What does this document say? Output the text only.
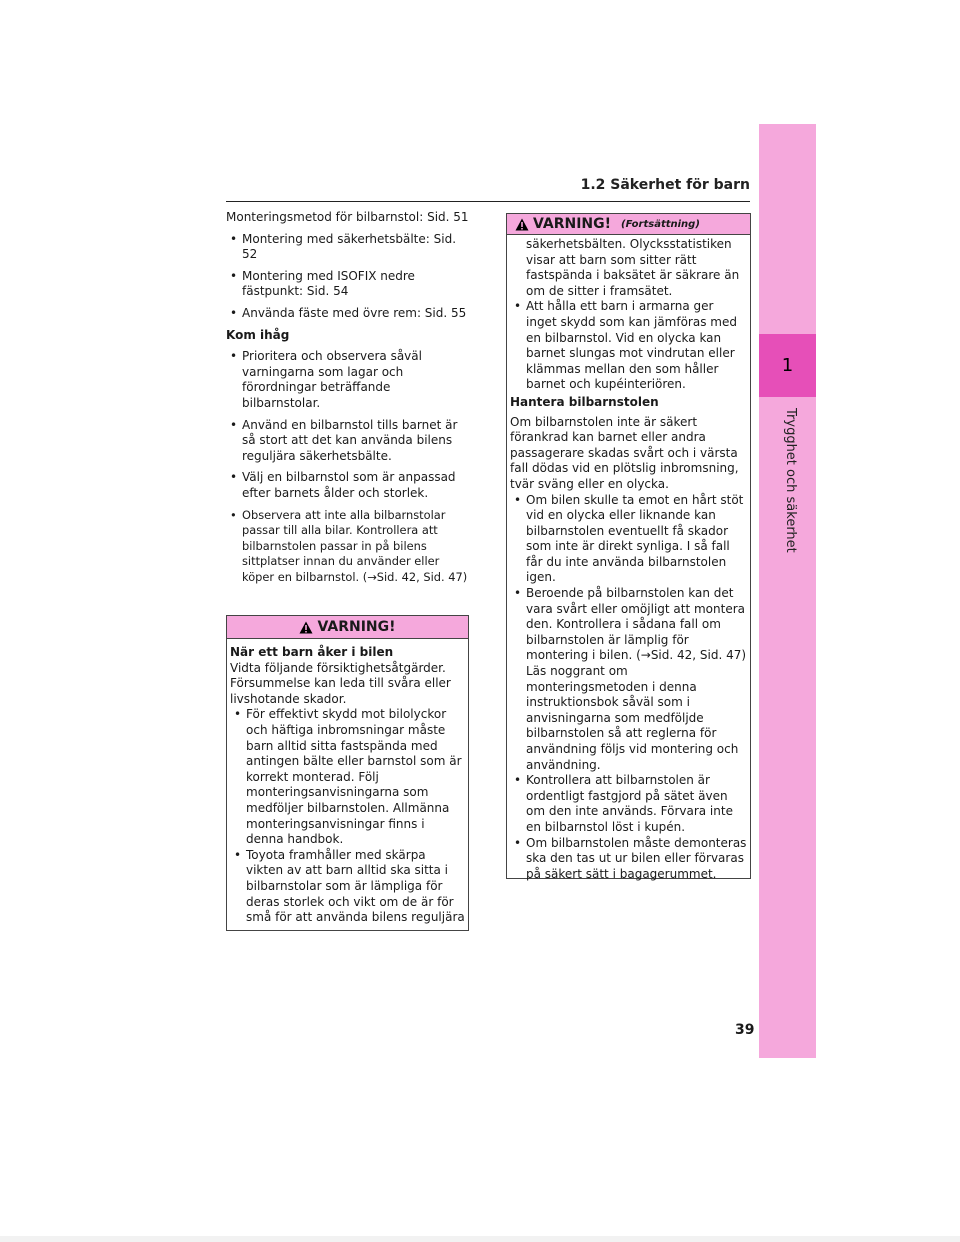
1
Trygghet och säkerhet
1.2 Säkerhet för barn

Monteringsmetod för bilbarnstol: Sid. 51

• Montering med säkerhetsbälte: Sid. 52

• Montering med ISOFIX nedre fästpunkt: Sid. 54

• Använda fäste med övre rem: Sid. 55

Kom ihåg

• Prioritera och observera såväl varningarna som lagar och förordningar beträffande bilbarnstolar.

• Använd en bilbarnstol tills barnet är så stort att det kan använda bilens reguljära säkerhetsbälte.

• Välj en bilbarnstol som är anpassad efter barnets ålder och storlek.

• Observera att inte alla bilbarnstolar passar till alla bilar. Kontrollera att bilbarnstolen passar in på bilens sittplatser innan du använder eller köper en bilbarnstol. (→Sid. 42, Sid. 47)

VARNING!

När ett barn åker i bilen

Vidta följande försiktighetsåtgärder. Försummelse kan leda till svåra eller livshotande skador.

• För effektivt skydd mot bilolyckor och häftiga inbromsningar måste barn alltid sitta fastspända med antingen bälte eller barnstol som är korrekt monterad. Följ monteringsanvisningarna som medföljer bilbarnstolen. Allmänna monteringsanvisningar finns i denna handbok.

• Toyota framhåller med skärpa vikten av att barn alltid ska sitta i bilbarnstolar som är lämpliga för deras storlek och vikt om de är för små för att använda bilens reguljära

VARNING! (Fortsättning)

säkerhetsbälten. Olycksstatistiken visar att barn som sitter rätt fastspända i baksätet är säkrare än om de sitter i framsätet.

• Att hålla ett barn i armarna ger inget skydd som kan jämföras med en bilbarnstol. Vid en olycka kan barnet slungas mot vindrutan eller klämmas mellan den som håller barnet och kupéinteriören.

Hantera bilbarnstolen

Om bilbarnstolen inte är säkert förankrad kan barnet eller andra passagerare skadas svårt och i värsta fall dödas vid en plötslig inbromsning, tvär sväng eller en olycka.

• Om bilen skulle ta emot en hårt stöt vid en olycka eller liknande kan bilbarnstolen eventuellt få skador som inte är direkt synliga. I så fall får du inte använda bilbarnstolen igen.

• Beroende på bilbarnstolen kan det vara svårt eller omöjligt att montera den. Kontrollera i sådana fall om bilbarnstolen är lämplig för montering i bilen. (→Sid. 42, Sid. 47) Läs noggrant om monteringsmetoden i denna instruktionsbok såväl som i anvisningarna som medföljde bilbarnstolen så att reglerna för användning följs vid montering och användning.

• Kontrollera att bilbarnstolen är ordentligt fastgjord på sätet även om den inte används. Förvara inte en bilbarnstol löst i kupén.

• Om bilbarnstolen måste demonteras ska den tas ut ur bilen eller förvaras på säkert sätt i bagagerummet.

39
